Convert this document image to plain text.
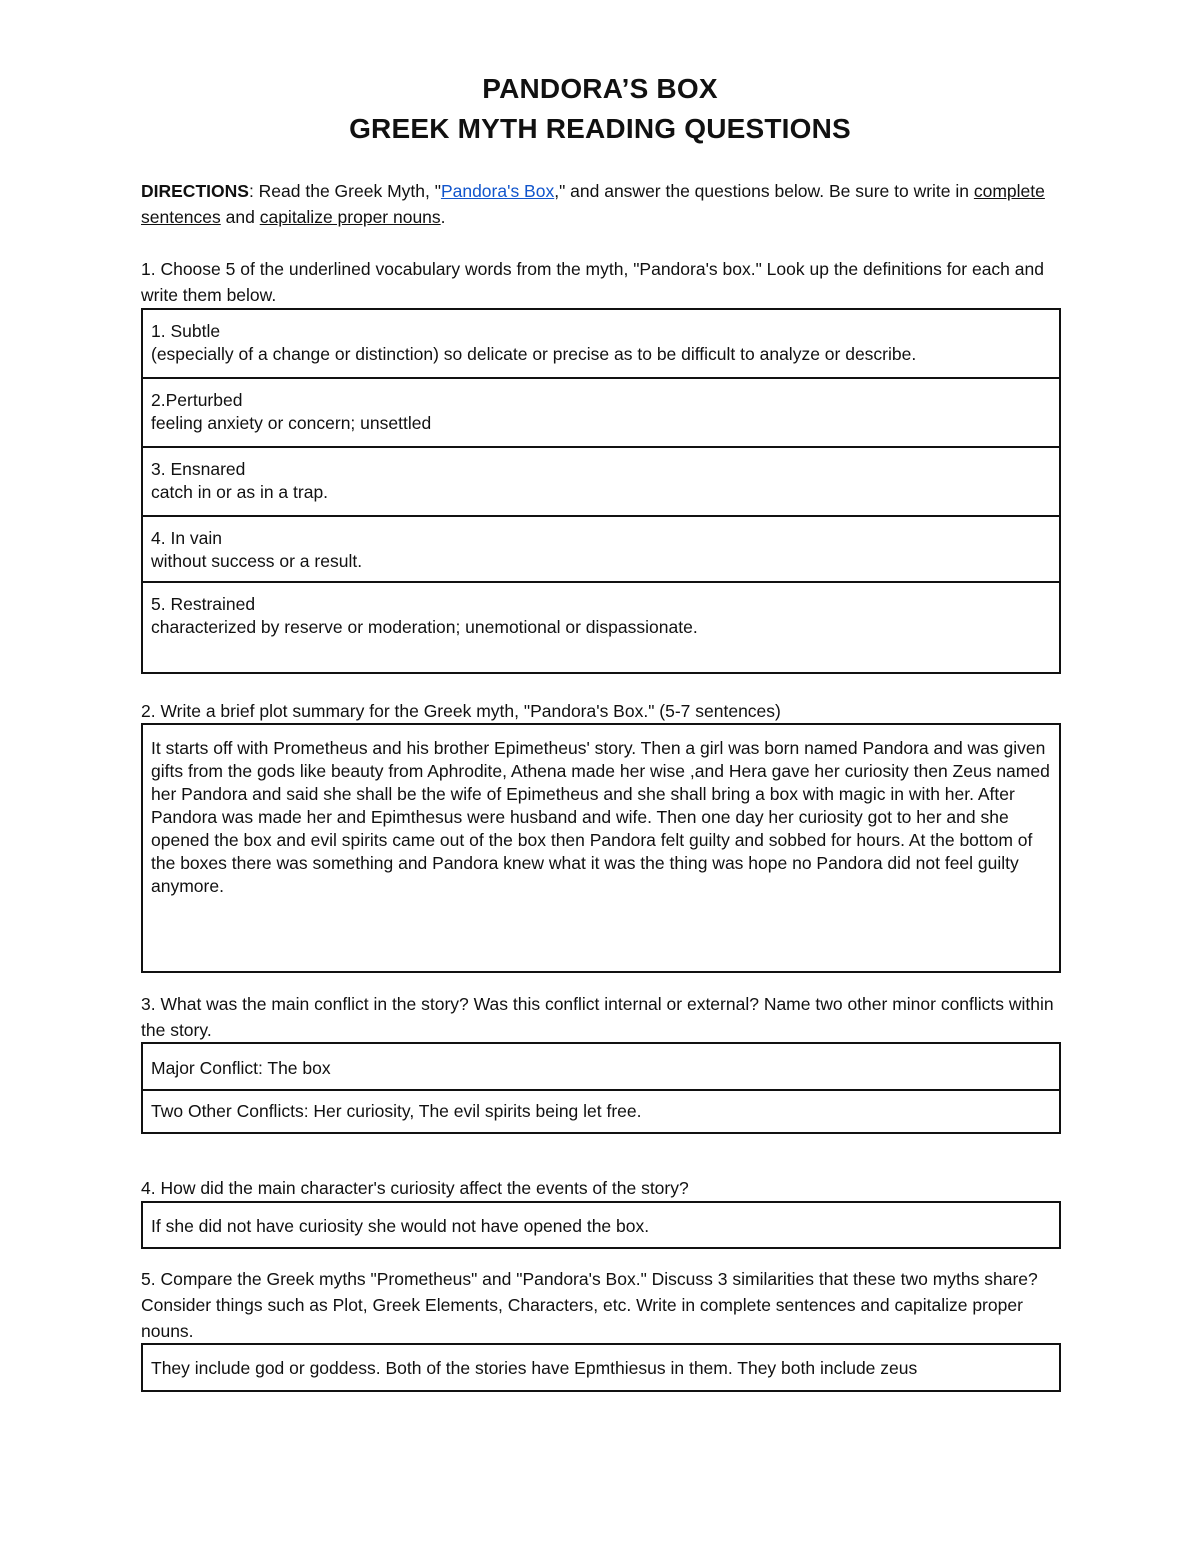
PANDORA’S BOX
GREEK MYTH READING QUESTIONS
DIRECTIONS: Read the Greek Myth, "Pandora's Box," and answer the questions below. Be sure to write in complete sentences and capitalize proper nouns.
1. Choose 5 of the underlined vocabulary words from the myth, "Pandora's box." Look up the definitions for each and write them below.
1. Subtle
(especially of a change or distinction) so delicate or precise as to be difficult to analyze or describe.
2.Perturbed
feeling anxiety or concern; unsettled
3. Ensnared
catch in or as in a trap.
4. In vain
without success or a result.
5. Restrained
characterized by reserve or moderation; unemotional or dispassionate.
2. Write a brief plot summary for the Greek myth, "Pandora's Box." (5-7 sentences)
It starts off with Prometheus and his brother Epimetheus' story. Then a girl was born named Pandora and was given gifts from the gods like beauty from Aphrodite, Athena made her wise ,and Hera gave her curiosity then Zeus named her Pandora and said she shall be the wife of Epimetheus and she shall bring a box with magic in with her. After Pandora was made her and Epimthesus were husband and wife. Then one day her curiosity got to her and she opened the box and evil spirits came out of the box then Pandora felt guilty and sobbed for hours. At the bottom of the boxes there was something and Pandora knew what it was the thing was hope no Pandora did not feel guilty anymore.
3. What was the main conflict in the story? Was this conflict internal or external? Name two other minor conflicts within the story.
Major Conflict: The box
Two Other Conflicts: Her curiosity, The evil spirits being let free.
4. How did the main character's curiosity affect the events of the story?
If she did not have curiosity she would not have opened the box.
5. Compare the Greek myths "Prometheus" and "Pandora's Box." Discuss 3 similarities that these two myths share? Consider things such as Plot, Greek Elements, Characters, etc. Write in complete sentences and capitalize proper nouns.
They include god or goddess. Both of the stories have Epmthiesus in them. They both include zeus
